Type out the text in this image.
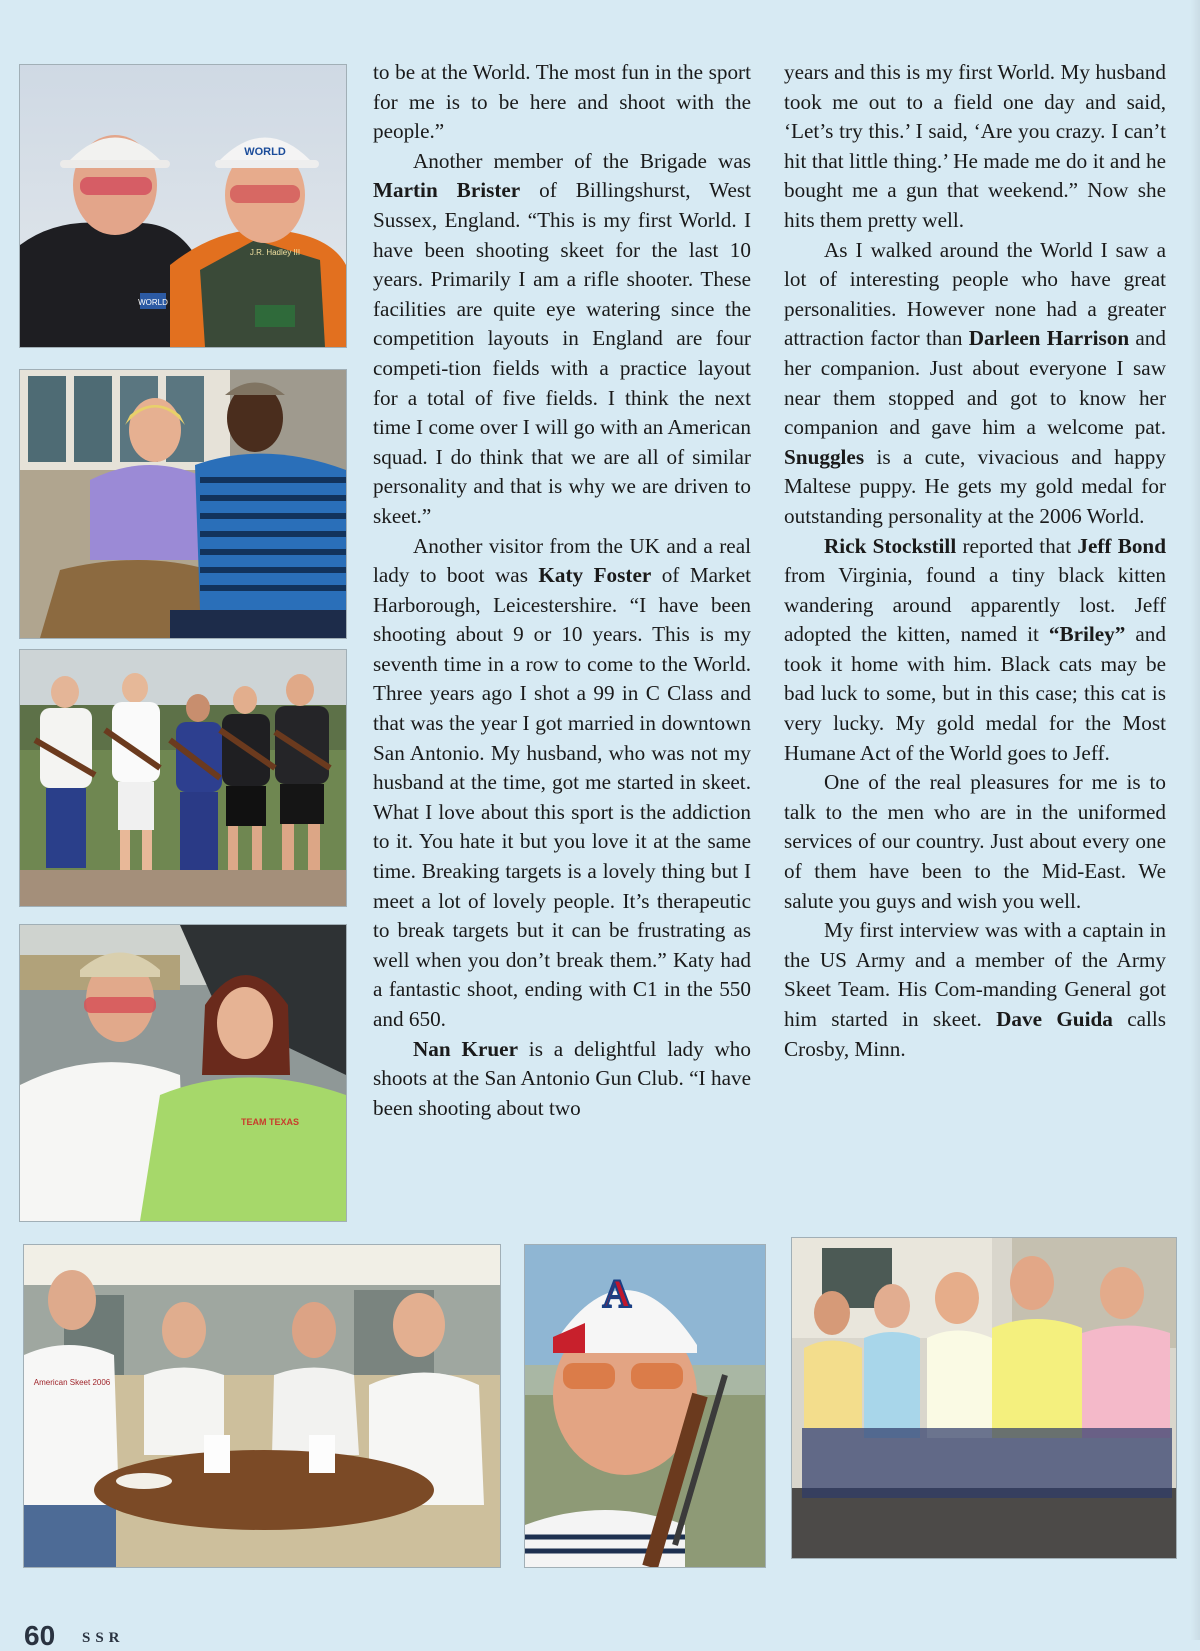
WORLD
J.R. Hadley III
WORLD
TEAM TEXAS
American Skeet 2006
A

to be at the World. The most fun in the sport for me is to be here and shoot with the people.”

Another member of the Brigade was Martin Brister of Billingshurst, West Sussex, England. “This is my first World. I have been shooting skeet for the last 10 years. Primarily I am a rifle shooter. These facilities are quite eye watering since the competition layouts in England are four competi-tion fields with a practice layout for a total of five fields. I think the next time I come over I will go with an American squad. I do think that we are all of similar personality and that is why we are driven to skeet.”

Another visitor from the UK and a real lady to boot was Katy Foster of Market Harborough, Leicestershire. “I have been shooting about 9 or 10 years. This is my seventh time in a row to come to the World. Three years ago I shot a 99 in C Class and that was the year I got married in downtown San Antonio. My husband, who was not my husband at the time, got me started in skeet. What I love about this sport is the addiction to it. You hate it but you love it at the same time. Breaking targets is a lovely thing but I meet a lot of lovely people. It’s therapeutic to break targets but it can be frustrating as well when you don’t break them.” Katy had a fantastic shoot, ending with C1 in the 550 and 650.

Nan Kruer is a delightful lady who shoots at the San Antonio Gun Club. “I have been shooting about two

years and this is my first World. My husband took me out to a field one day and said, ‘Let’s try this.’ I said, ‘Are you crazy. I can’t hit that little thing.’ He made me do it and he bought me a gun that weekend.” Now she hits them pretty well.

As I walked around the World I saw a lot of interesting people who have great personalities. However none had a greater attraction factor than Darleen Harrison and her companion. Just about everyone I saw near them stopped and got to know her companion and gave him a welcome pat. Snuggles is a cute, vivacious and happy Maltese puppy. He gets my gold medal for outstanding personality at the 2006 World.

Rick Stockstill reported that Jeff Bond from Virginia, found a tiny black kitten wandering around apparently lost. Jeff adopted the kitten, named it “Briley” and took it home with him. Black cats may be bad luck to some, but in this case; this cat is very lucky. My gold medal for the Most Humane Act of the World goes to Jeff.

One of the real pleasures for me is to talk to the men who are in the uniformed services of our country. Just about every one of them have been to the Mid-East. We salute you guys and wish you well.

My first interview was with a captain in the US Army and a member of the Army Skeet Team. His Com-manding General got him started in skeet. Dave Guida calls Crosby, Minn.

60 SSR
